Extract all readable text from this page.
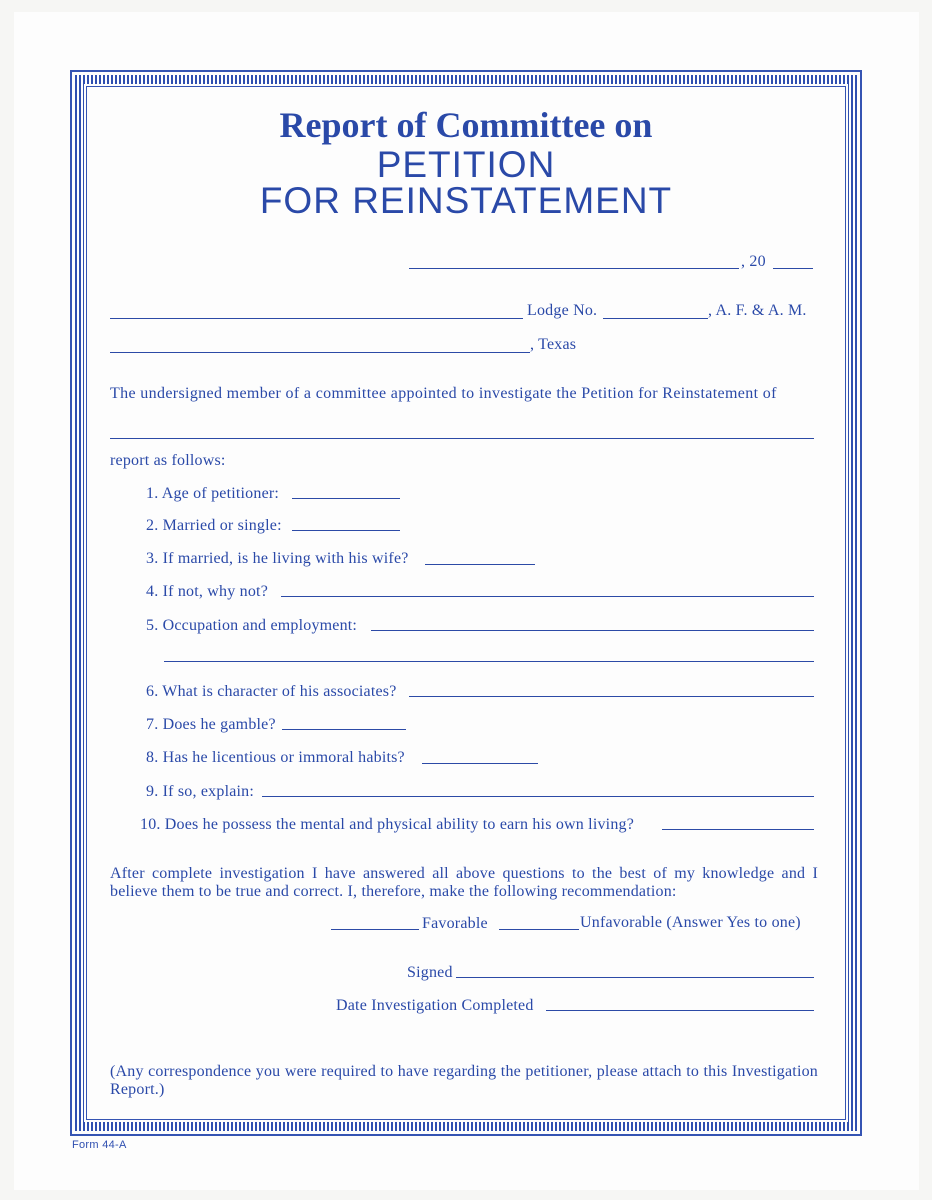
Report of Committee on
PETITION
FOR REINSTATEMENT
, 20
Lodge No.	, A. F. & A. M.
, Texas
The undersigned member of a committee appointed to investigate the Petition for Reinstatement of
report as follows:
1. Age of petitioner:
2. Married or single:
3. If married, is he living with his wife?
4. If not, why not?
5. Occupation and employment:
6. What is character of his associates?
7. Does he gamble?
8. Has he licentious or immoral habits?
9. If so, explain:
10. Does he possess the mental and physical ability to earn his own living?
After complete investigation I have answered all above questions to the best of my knowledge and I believe them to be true and correct. I, therefore, make the following recommendation:
Favorable	Unfavorable (Answer Yes to one)
Signed
Date Investigation Completed
(Any correspondence you were required to have regarding the petitioner, please attach to this Investigation Report.)
Form 44-A
